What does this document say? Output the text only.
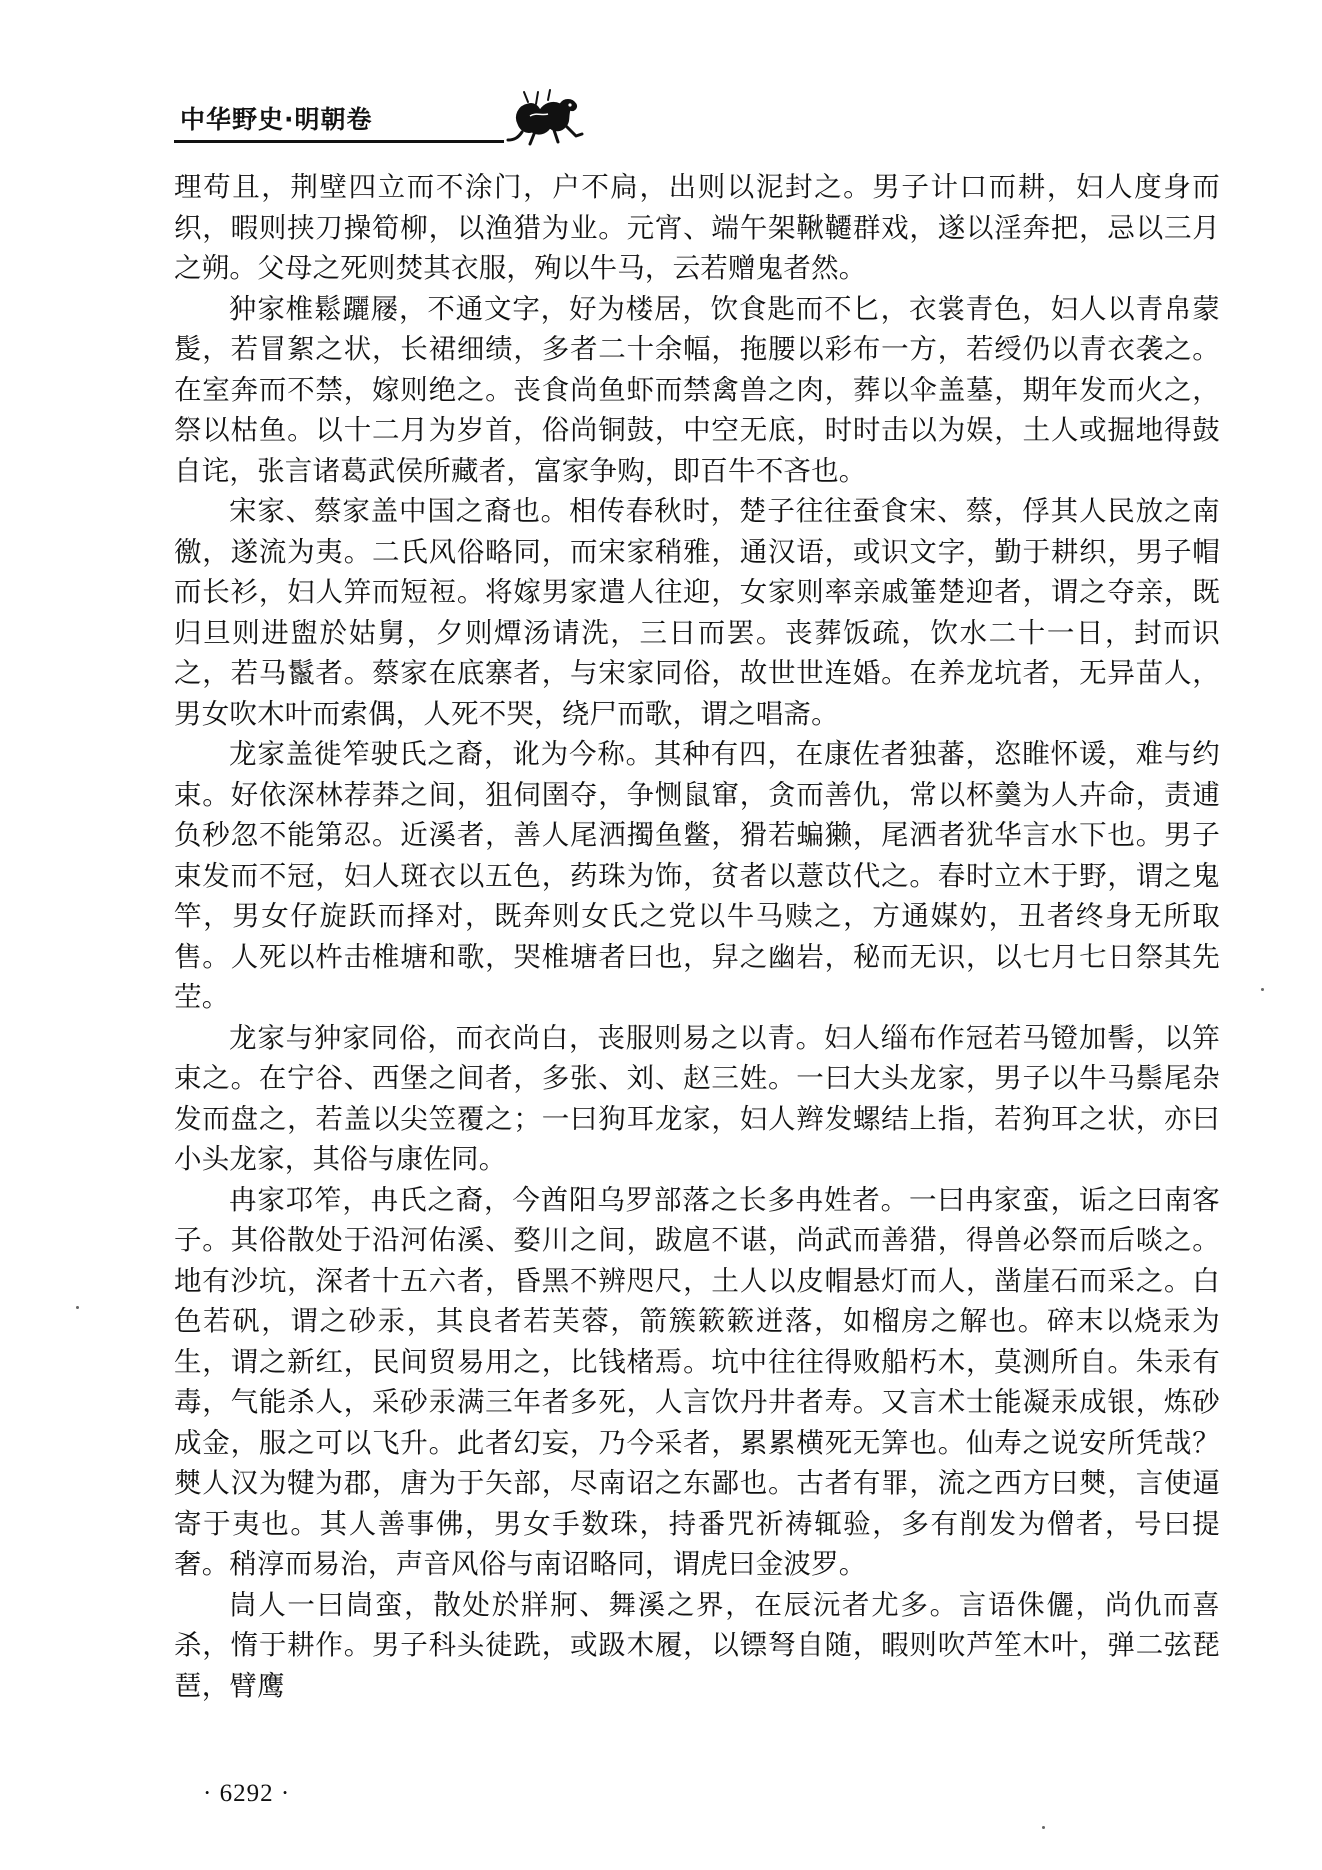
中华野史·明朝卷

理苟且，荆壁四立而不涂门，户不扃，出则以泥封之。男子计口而耕，妇人度身而织，暇则挟刀操筍柳，以渔猎为业。元宵、端午架鞦韆群戏，遂以淫奔把，忌以三月之朔。父母之死则焚其衣服，殉以牛马，云若赠鬼者然。

狆家椎鬆躧屦，不通文字，好为楼居，饮食匙而不匕，衣裳青色，妇人以青帛蒙髲，若冒絮之状，长裙细绩，多者二十余幅，拖腰以彩布一方，若绶仍以青衣袭之。在室奔而不禁，嫁则绝之。丧食尚鱼虾而禁禽兽之肉，葬以伞盖墓，期年发而火之，祭以枯鱼。以十二月为岁首，俗尚铜鼓，中空无底，时时击以为娱，土人或掘地得鼓自诧，张言诸葛武侯所藏者，富家争购，即百牛不吝也。

宋家、蔡家盖中国之裔也。相传春秋时，楚子往往蚕食宋、蔡，俘其人民放之南徼，遂流为夷。二氏风俗略同，而宋家稍雅，通汉语，或识文字，勤于耕织，男子帽而长衫，妇人笄而短裋。将嫁男家遣人往迎，女家则率亲戚箠楚迎者，谓之夺亲，既归旦则进盥於姑舅，夕则燂汤请洗，三日而罢。丧葬饭疏，饮水二十一日，封而识之，若马鬣者。蔡家在底寨者，与宋家同俗，故世世连婚。在养龙坑者，无异苗人，男女吹木叶而索偶，人死不哭，绕尸而歌，谓之唱斋。

龙家盖徙笮驶氏之裔，讹为今称。其种有四，在康佐者独蕃，恣睢怀谖，难与约束。好依深林荐莽之间，狙伺圉夺，争恻鼠窜，贪而善仇，常以杯羹为人卉命，责逋负秒忽不能第忍。近溪者，善人尾洒擉鱼鳖，猾若蝙獭，尾洒者犹华言水下也。男子束发而不冠，妇人斑衣以五色，药珠为饰，贫者以薏苡代之。春时立木于野，谓之鬼竿，男女仔旋跃而择对，既奔则女氏之党以牛马赎之，方通媒妁，丑者终身无所取售。人死以杵击椎塘和歌，哭椎塘者曰也，舁之幽岩，秘而无识，以七月七日祭其先茔。

龙家与狆家同俗，而衣尚白，丧服则易之以青。妇人缁布作冠若马镫加髻，以笄束之。在宁谷、西堡之间者，多张、刘、赵三姓。一曰大头龙家，男子以牛马鬃尾杂发而盘之，若盖以尖笠覆之；一曰狗耳龙家，妇人辫发螺结上指，若狗耳之状，亦曰小头龙家，其俗与康佐同。

冉家邛笮，冉氏之裔，今酋阳乌罗部落之长多冉姓者。一曰冉家蛮，诟之曰南客子。其俗散处于沿河佑溪、婺川之间，跋扈不谌，尚武而善猎，得兽必祭而后啖之。地有沙坑，深者十五六者，昏黑不辨咫尺，土人以皮帽悬灯而人，凿崖石而采之。白色若矾，谓之砂汞，其良者若芙蓉，箭簇簌簌迸落，如榴房之解也。碎末以烧汞为生，谓之新红，民间贸易用之，比钱楮焉。坑中往往得败船朽木，莫测所自。朱汞有毒，气能杀人，采砂汞满三年者多死，人言饮丹井者寿。又言术士能凝汞成银，炼砂成金，服之可以飞升。此者幻妄，乃今采者，累累横死无筭也。仙寿之说安所凭哉？僰人汉为犍为郡，唐为于矢部，尽南诏之东鄙也。古者有罪，流之西方曰僰，言使逼寄于夷也。其人善事佛，男女手数珠，持番咒祈祷辄验，多有削发为僧者，号曰提奢。稍淳而易治，声音风俗与南诏略同，谓虎曰金波罗。

峝人一曰峝蛮，散处於牂牁、舞溪之界，在辰沅者尤多。言语侏儷，尚仇而喜杀，惰于耕作。男子科头徒跣，或趿木履，以镖弩自随，暇则吹芦笙木叶，弹二弦琵琶，臂鹰

· 6292 ·
